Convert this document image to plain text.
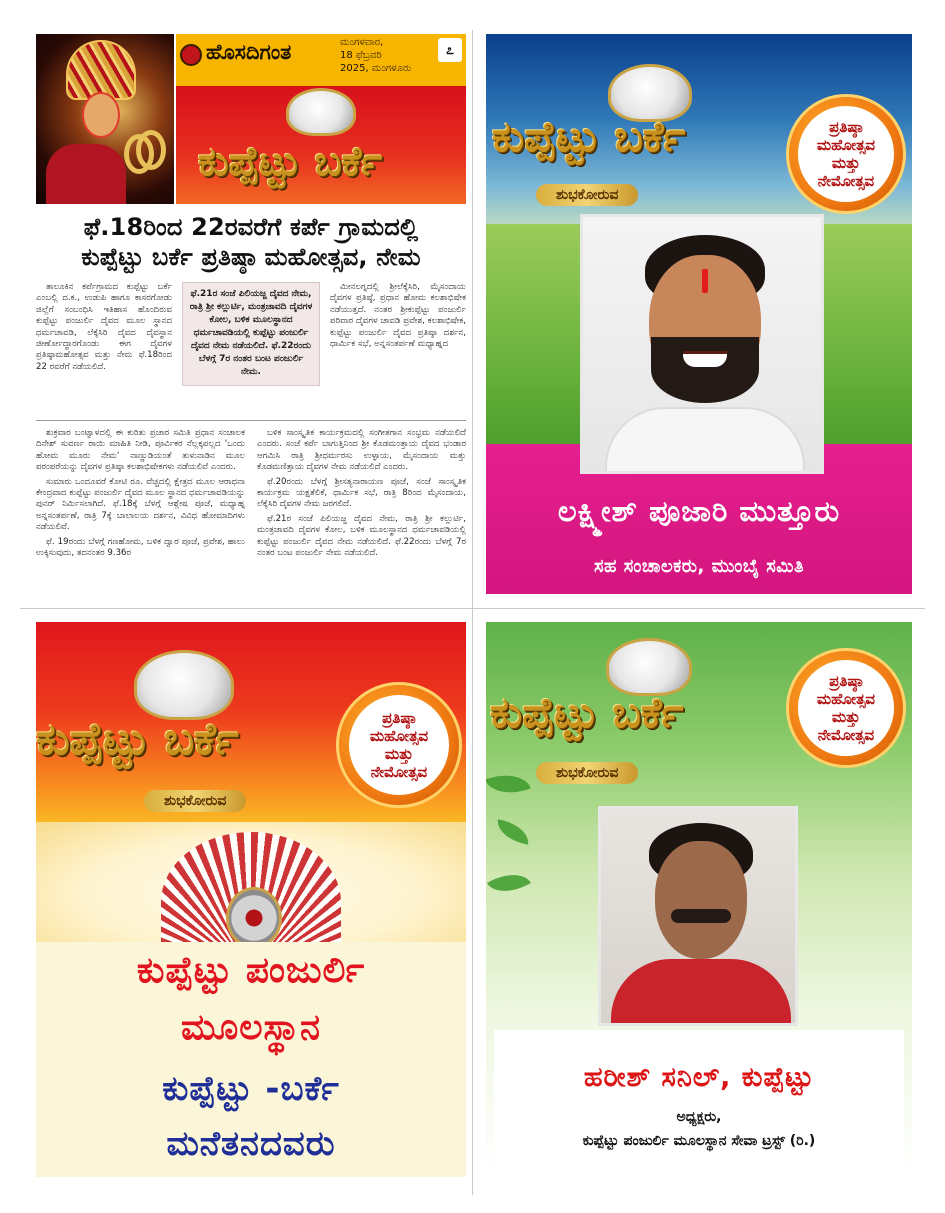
ಹೊಸದಿಗಂತ	ಮಂಗಳವಾರ,
18 ಫೆಬ್ರವರಿ
2025, ಮಂಗಳೂರು
೭
ಕುಪ್ಪೆಟ್ಟು ಬರ್ಕೆ
ಫೆ.18ರಿಂದ 22ರವರೆಗೆ ಕರ್ಪೆ ಗ್ರಾಮದಲ್ಲಿ
ಕುಪ್ಪೆಟ್ಟು ಬರ್ಕೆ ಪ್ರತಿಷ್ಠಾ ಮಹೋತ್ಸವ, ನೇಮ

ತಾಲೂಕಿನ ಕರ್ಪೆಗ್ರಾಮದ ಕುಪ್ಪೆಟ್ಟು ಬರ್ಕೆ ಎಂಬಲ್ಲಿ ದ.ಕ., ಉಡುಪಿ ಹಾಗೂ ಕಾಸರಗೋಡು ಜಿಲ್ಲೆಗೆ ಸಂಬಂಧಿಸಿ ಇತಿಹಾಸ ಹೊಂದಿರುವ ಕುಪ್ಪೆಟ್ಟು ಪಂಜುರ್ಲಿ ದೈವದ ಮೂಲ ಸ್ಥಾನದ ಧರ್ಮಚಾವಡಿ, ಲೆಕ್ಕೆಸಿರಿ ದೈವದ ದೈವಸ್ಥಾನ ಜೀರ್ಣೋದ್ಧಾರಗೊಂಡು ಈಗ ದೈವಗಳ ಪ್ರತಿಷ್ಠಾಮಹೋತ್ಸವ ಮತ್ತು ನೇಮ ಫೆ.18ರಿಂದ 22 ರವರೆಗೆ ನಡೆಯಲಿದೆ.

ಫೆ.21ರ ಸಂಜೆ ಪಿಲಿಯಜ್ಜ ದೈವದ ನೇಮ, ರಾತ್ರಿ ಶ್ರೀ ಕಲ್ಲುರ್ಟಿ, ಮಂತ್ರಜಾವದಿ ದೈವಗಳ ಕೋಲ, ಬಳಿಕ ಮೂಲಸ್ಥಾನದ ಧರ್ಮಚಾವಡಿಯಲ್ಲಿ ಕುಪ್ಪೆಟ್ಟು ಪಂಜುರ್ಲಿ ದೈವದ ನೇಮ ನಡೆಯಲಿದೆ. ಫೆ.22ರಂದು ಬೆಳಗ್ಗೆ 7ರ ನಂತರ ಬಂಟ ಪಂಜುರ್ಲಿ ನೇಮ.

ಮೀನಲಗ್ನದಲ್ಲಿ ಶ್ರೀಲೆಕ್ಕೆಸಿರಿ, ಮೈಸಂದಾಯ ದೈವಗಳ ಪ್ರತಿಷ್ಠೆ, ಪ್ರಧಾನ ಹೋಮ ಕಲಶಾಭಿಷೇಕ ನಡೆಯುತ್ತದೆ. ನಂತರ ಶ್ರೀಕುಪ್ಪೆಟ್ಟು ಪಂಜುರ್ಲಿ ಪರಿವಾರ ದೈವಗಳ ಚಾವಡಿ ಪ್ರವೇಶ, ಕಲಶಾಭಿಷೇಕ, ಕುಪ್ಪೆಟ್ಟು ಪಂಜುರ್ಲಿ ದೈವದ ಪ್ರತಿಷ್ಠಾ ದರ್ಶನ, ಧಾರ್ಮಿಕ ಸಭೆ, ಅನ್ನಸಂತರ್ಪಣೆ ಮಧ್ಯಾಹ್ನದ

ಶುಕ್ರವಾರ ಬಂಟ್ವಾಳದಲ್ಲಿ ಈ ಕುರಿತು ಪ್ರಚಾರ ಸಮಿತಿ ಪ್ರಧಾನ ಸಂಚಾಲಕ ದಿನೇಶ್ ಸುವರ್ಣ ರಾಯಿ ಮಾಹಿತಿ ನೀಡಿ, ಪೂರ್ವಿಕರ ನೆಲ್ಲಕ್ಕಪಲ್ಲದ 'ಒಂದು ಹೋಮ ಮೂರು ನೇಮ' ನಾಣ್ಣುಡಿಯಂತೆ ತುಳುನಾಡಿನ ಮೂಲ ಪರಂಪರೆಯನ್ನು ದೈವಗಳ ಪ್ರತಿಷ್ಠಾ ಕಲಶಾಭಿಷೇಕಗಳು ನಡೆಯಲಿವೆ ಎಂದರು.

ಸುಮಾರು ಒಂದೂವರೆ ಕೋಟಿ ರೂ. ವೆಚ್ಚದಲ್ಲಿ ಕ್ಷೇತ್ರದ ಮೂಲ ಆರಾಧನಾ ಕೇಂದ್ರವಾದ ಕುಪ್ಪೆಟ್ಟು ಪಂಜುರ್ಲಿ ದೈವದ ಮೂಲ ಸ್ಥಾನದ ಧರ್ಮಚಾವಡಿಯನ್ನು ಪುನರ್ ನಿರ್ಮಿಸಲಾಗಿದೆ. ಫೆ.18ಕ್ಕೆ ಬೆಳಗ್ಗೆ ಆಶ್ಲೇಷ ಪೂಜೆ, ಮಧ್ಯಾಹ್ನ ಅನ್ನಸಂತರ್ಪಣೆ, ರಾತ್ರಿ 7ಕ್ಕೆ ಬಾಲಾಲಯ ದರ್ಶನ, ವಿವಿಧ ಹೋಮಾದಿಗಳು ನಡೆಯಲಿವೆ.

ಫೆ. 19ರಂದು ಬೆಳಗ್ಗೆ ಗಣಹೋಮ, ಬಳಿಕ ದ್ವಾರ ಪೂಜೆ, ಪ್ರವೇಶ, ಹಾಲು ಉಕ್ಕಿಸುವುದು, ತದನಂತರ 9.36ರ

ಬಳಿಕ ಸಾಂಸ್ಕೃತಿಕ ಕಾರ್ಯಕ್ರಮದಲ್ಲಿ ಸಂಗೀತಗಾನ ಸಂಭ್ರಮ ನಡೆಯಲಿದೆ ಎಂದರು. ಸಂಜೆ ಕರ್ಪೆ ಬಾಗುತ್ತಿನಿಂದ ಶ್ರೀ ಕೊಡಮಂತ್ತಾಯ ದೈವದ ಭಂಡಾರ ಆಗಮಿಸಿ ರಾತ್ರಿ ಶ್ರೀಧರ್ಮರಸು ಉಳ್ಳಾಯ, ಮೈಸಂದಾಯ ಮತ್ತು ಕೊಡಮಣಿತ್ತಾಯ ದೈವಗಳ ನೇಮ ನಡೆಯಲಿದೆ ಎಂದರು.

ಫೆ.20ರಂದು ಬೆಳಗ್ಗೆ ಶ್ರೀಸತ್ಯನಾರಾಯಣ ಪೂಜೆ, ಸಂಜೆ ಸಾಂಸ್ಕೃತಿಕ ಕಾರ್ಯಕ್ರಮ ಯಕ್ಷತೆಲಿಕೆ, ಧಾರ್ಮಿಕ ಸಭೆ, ರಾತ್ರಿ 8ರಿಂದ ಮೈಸಂದಾಯ, ಲೆಕ್ಕೆಸಿರಿ ದೈವಗಳ ನೇಮ ಜರಗಲಿದೆ.

ಫೆ.21ರ ಸಂಜೆ ಪಿಲಿಯಜ್ಜ ದೈವದ ನೇಮ, ರಾತ್ರಿ ಶ್ರೀ ಕಲ್ಲುರ್ಟಿ, ಮಂತ್ರಜಾವದಿ ದೈವಗಳ ಕೋಲ, ಬಳಿಕ ಮೂಲಸ್ಥಾನದ ಧರ್ಮಚಾವಡಿಯಲ್ಲಿ ಕುಪ್ಪೆಟ್ಟು ಪಂಜುರ್ಲಿ ದೈವದ ನೇಮ ನಡೆಯಲಿದೆ. ಫೆ.22ರಂದು ಬೆಳಗ್ಗೆ 7ರ ನಂತರ ಬಂಟ ಪಂಜುರ್ಲಿ ನೇಮ ನಡೆಯಲಿದೆ.

ಕುಪ್ಪೆಟ್ಟು ಬರ್ಕೆ	ಪ್ರತಿಷ್ಠಾ
ಮಹೋತ್ಸವ
ಮತ್ತು
ನೇಮೋತ್ಸವ
ಶುಭಕೋರುವ
ಲಕ್ಷ್ಮೀಶ್ ಪೂಜಾರಿ ಮುತ್ತೂರು
ಸಹ ಸಂಚಾಲಕರು, ಮುಂಬೈ ಸಮಿತಿ
ಕುಪ್ಪೆಟ್ಟು ಬರ್ಕೆ	ಪ್ರತಿಷ್ಠಾ
ಮಹೋತ್ಸವ
ಮತ್ತು
ನೇಮೋತ್ಸವ
ಶುಭಕೋರುವ
ಕುಪ್ಪೆಟ್ಟು ಪಂಜುರ್ಲಿ
ಮೂಲಸ್ಥಾನ
ಕುಪ್ಪೆಟ್ಟು -ಬರ್ಕೆ
ಮನೆತನದವರು
ಕುಪ್ಪೆಟ್ಟು ಬರ್ಕೆ
ಪ್ರತಿಷ್ಠಾ
ಮಹೋತ್ಸವ
ಮತ್ತು
ನೇಮೋತ್ಸವ
ಶುಭಕೋರುವ
ಹರೀಶ್ ಸನಿಲ್, ಕುಪ್ಪೆಟ್ಟು
ಅಧ್ಯಕ್ಷರು,
ಕುಪ್ಪೆಟ್ಟು ಪಂಜುರ್ಲಿ ಮೂಲಸ್ಥಾನ ಸೇವಾ ಟ್ರಸ್ಟ್ (ರಿ.)
